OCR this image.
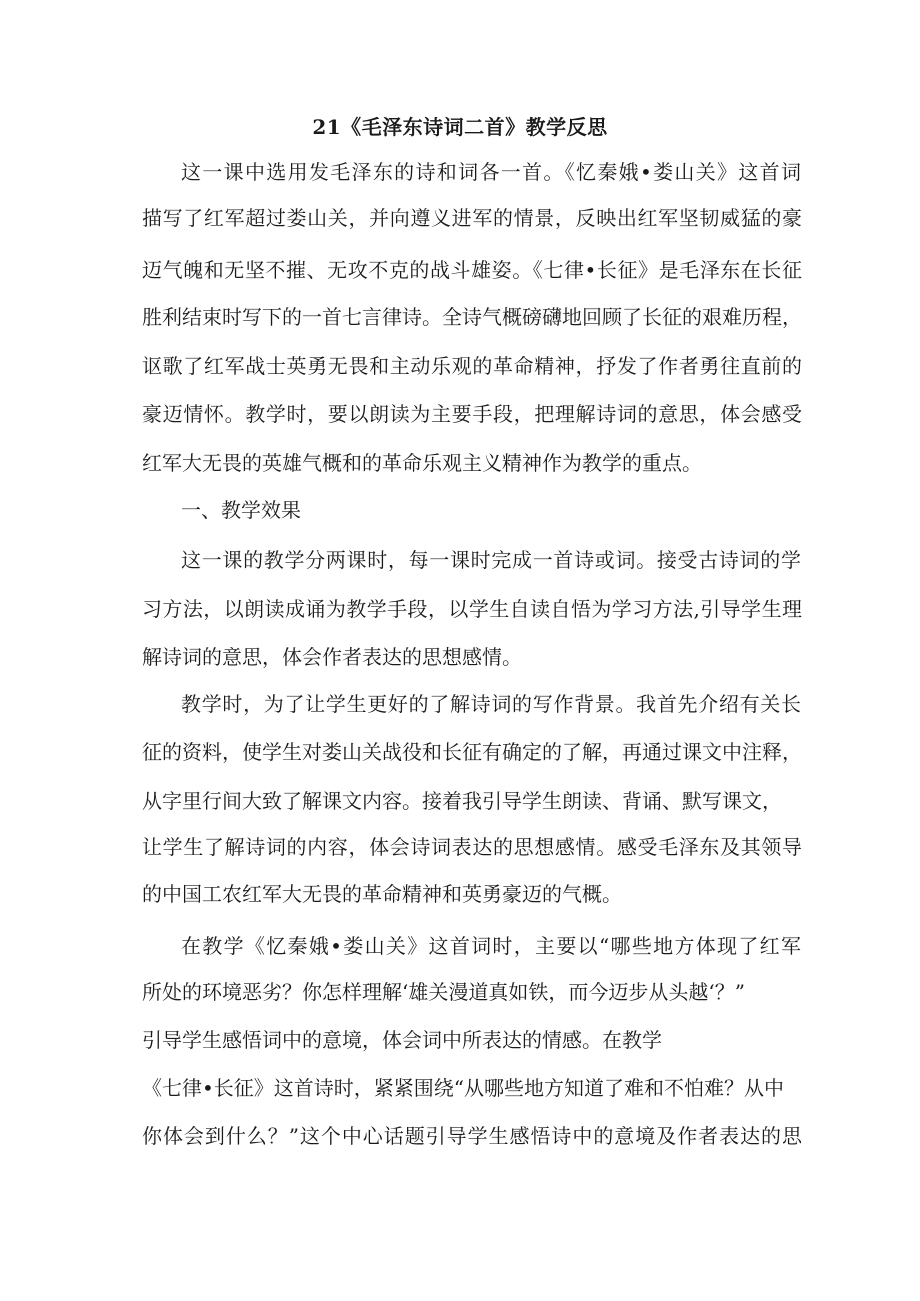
21《毛泽东诗词二首》教学反思
这一课中选用发毛泽东的诗和词各一首。《忆秦娥•娄山关》这首词
描写了红军超过娄山关，并向遵义进军的情景，反映出红军坚韧威猛的豪
迈气魄和无坚不摧、无攻不克的战斗雄姿。《七律•长征》是毛泽东在长征
胜利结束时写下的一首七言律诗。全诗气概磅礴地回顾了长征的艰难历程，
讴歌了红军战士英勇无畏和主动乐观的革命精神，抒发了作者勇往直前的
豪迈情怀。教学时，要以朗读为主要手段，把理解诗词的意思，体会感受
红军大无畏的英雄气概和的革命乐观主义精神作为教学的重点。
一、教学效果
这一课的教学分两课时，每一课时完成一首诗或词。接受古诗词的学
习方法，以朗读成诵为教学手段，以学生自读自悟为学习方法,引导学生理
解诗词的意思，体会作者表达的思想感情。
教学时，为了让学生更好的了解诗词的写作背景。我首先介绍有关长
征的资料，使学生对娄山关战役和长征有确定的了解，再通过课文中注释，
从字里行间大致了解课文内容。接着我引导学生朗读、背诵、默写课文，
让学生了解诗词的内容，体会诗词表达的思想感情。感受毛泽东及其领导
的中国工农红军大无畏的革命精神和英勇豪迈的气概。
在教学《忆秦娥•娄山关》这首词时，主要以“哪些地方体现了红军
所处的环境恶劣？你怎样理解‘雄关漫道真如铁，而今迈步从头越‘？”
引导学生感悟词中的意境，体会词中所表达的情感。在教学
《七律•长征》这首诗时，紧紧围绕“从哪些地方知道了难和不怕难？从中
你体会到什么？”这个中心话题引导学生感悟诗中的意境及作者表达的思
